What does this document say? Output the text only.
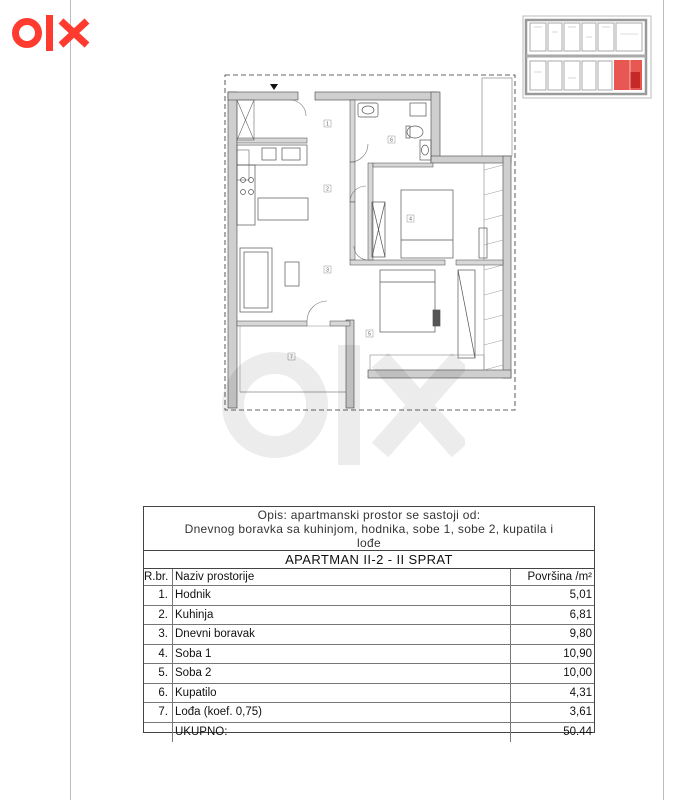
1
2
3
4
5
6
7
Opis: apartmanski prostor se sastoji od:
Dnevnog boravka sa kuhinjom, hodnika, sobe 1, sobe 2, kupatila i
lođe
APARTMAN II-2 - II SPRAT
R.br. Naziv prostorije	Površina /m²
1. Hodnik	5,01
2. Kuhinja	6,81
3. Dnevni boravak	9,80
4. Soba 1	10,90
5. Soba 2	10,00
6. Kupatilo	4,31
7. Lođa (koef. 0,75)	3,61
UKUPNO:	50.44
